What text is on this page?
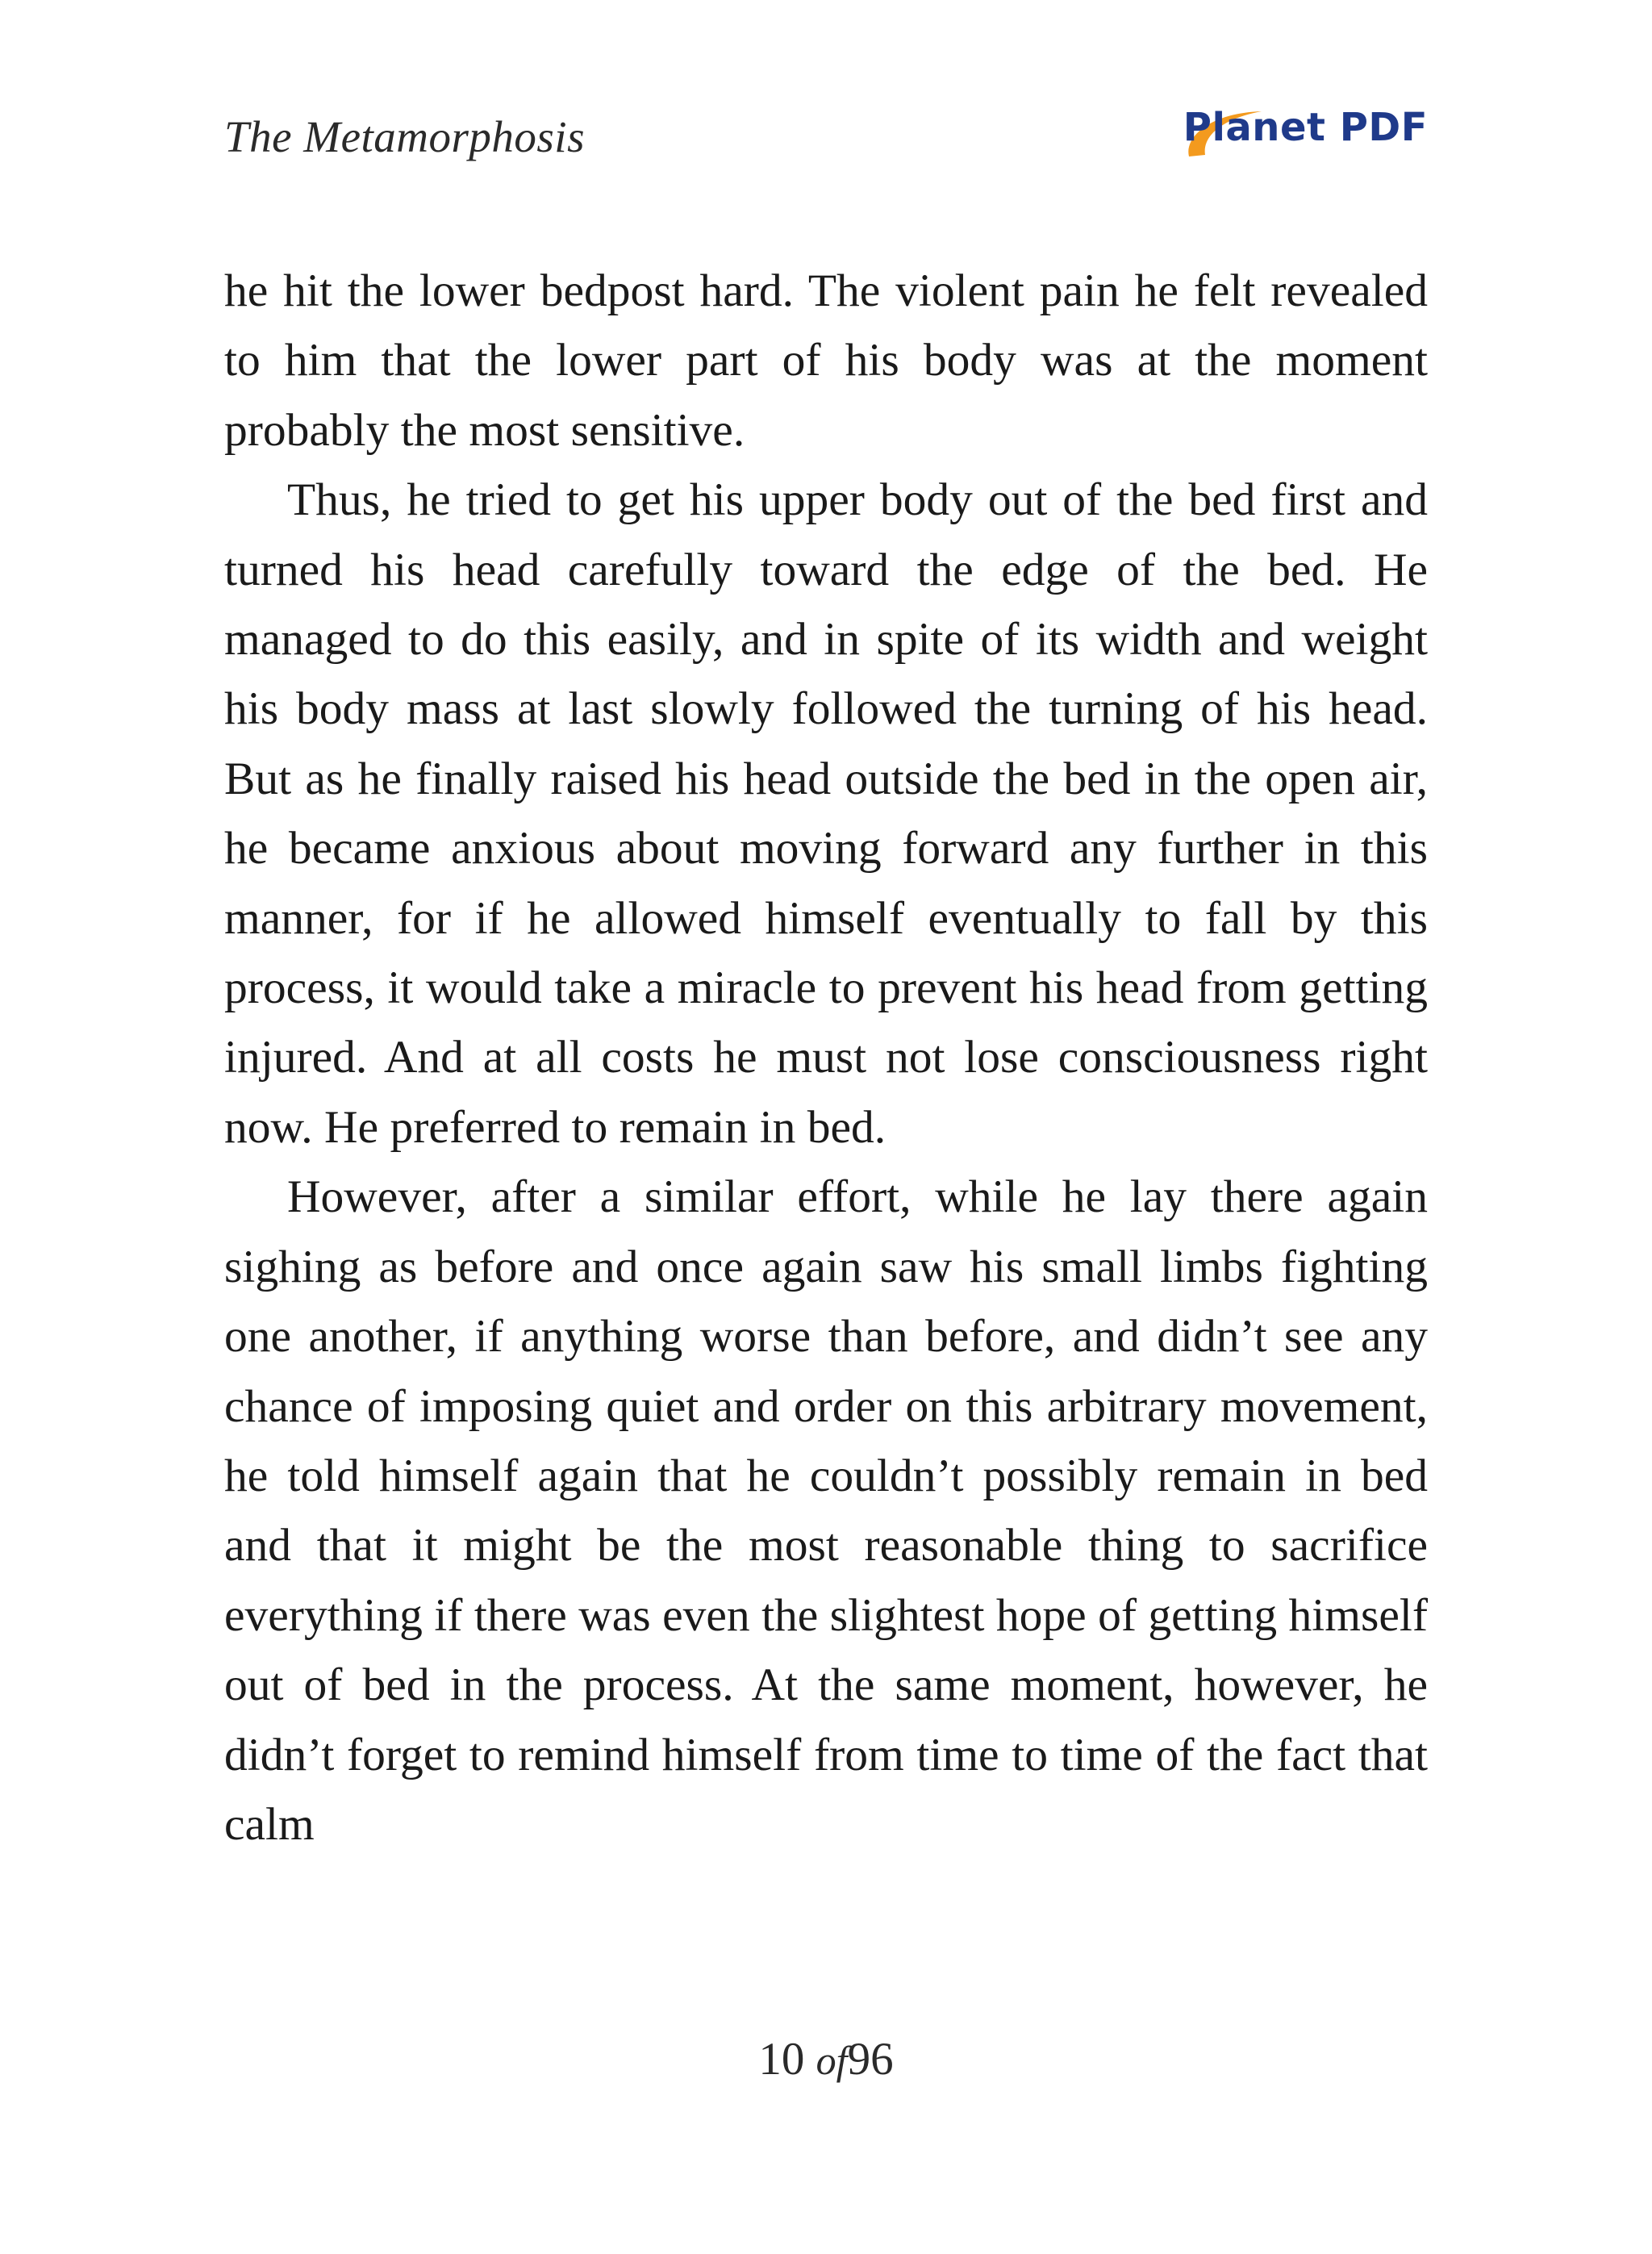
The Metamorphosis	Planet PDF

he hit the lower bedpost hard. The violent pain he felt revealed to him that the lower part of his body was at the moment probably the most sensitive.

Thus, he tried to get his upper body out of the bed first and turned his head carefully toward the edge of the bed. He managed to do this easily, and in spite of its width and weight his body mass at last slowly followed the turning of his head. But as he finally raised his head outside the bed in the open air, he became anxious about moving forward any further in this manner, for if he allowed himself eventually to fall by this process, it would take a miracle to prevent his head from getting injured. And at all costs he must not lose consciousness right now. He preferred to remain in bed.

However, after a similar effort, while he lay there again sighing as before and once again saw his small limbs fighting one another, if anything worse than before, and didn’t see any chance of imposing quiet and order on this arbitrary movement, he told himself again that he couldn’t possibly remain in bed and that it might be the most reasonable thing to sacrifice everything if there was even the slightest hope of getting himself out of bed in the process. At the same moment, however, he didn’t forget to remind himself from time to time of the fact that calm

10 of96
